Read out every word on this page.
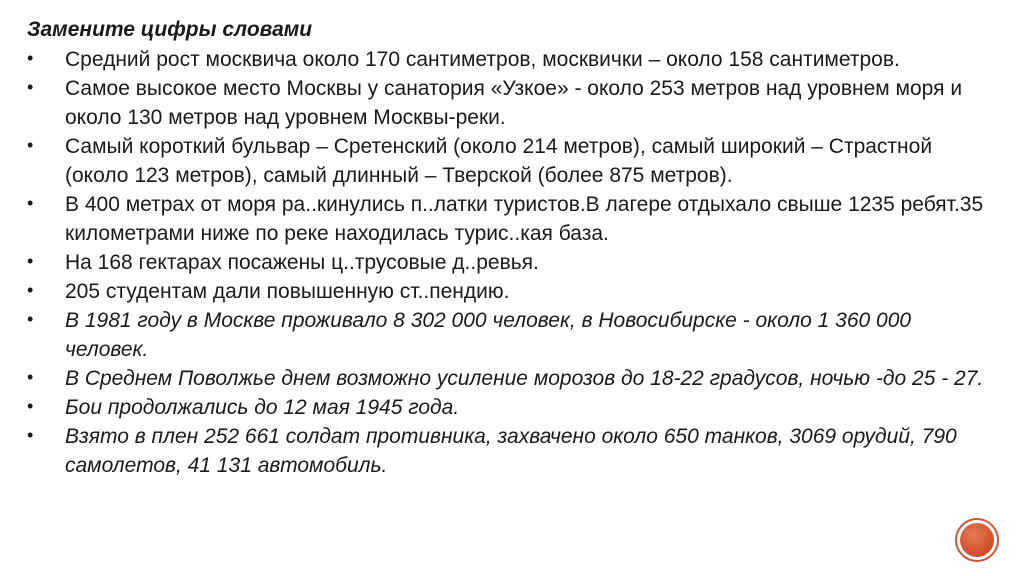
Замените цифры словами
•	Средний рост москвича около 170 сантиметров, москвички – около 158 сантиметров.
•	Самое высокое место Москвы у санатория «Узкое» - около 253 метров над уровнем моря и около 130 метров над уровнем Москвы-реки.
•	Самый короткий бульвар – Сретенский (около 214 метров), самый широкий – Страстной (около 123 метров), самый длинный – Тверской (более 875 метров).
•	В 400 метрах от моря ра..кинулись п..латки туристов.В лагере отдыхало свыше 1235 ребят.35 километрами ниже по реке находилась турис..кая база.
•	На 168 гектарах посажены ц..трусовые д..ревья.
•	205 студентам дали повышенную ст..пендию.
•	В 1981 году в Москве проживало 8 302 000 человек, в Новосибирске - около 1 360 000 человек.
•	В Среднем Поволжье днем возможно усиление морозов до 18-22 градусов, ночью -до 25 - 27.
•	Бои продолжались до 12 мая 1945 года.
•	Взято в плен 252 661 солдат противника, захвачено около 650 танков, 3069 орудий, 790 самолетов, 41 131 автомобиль.
